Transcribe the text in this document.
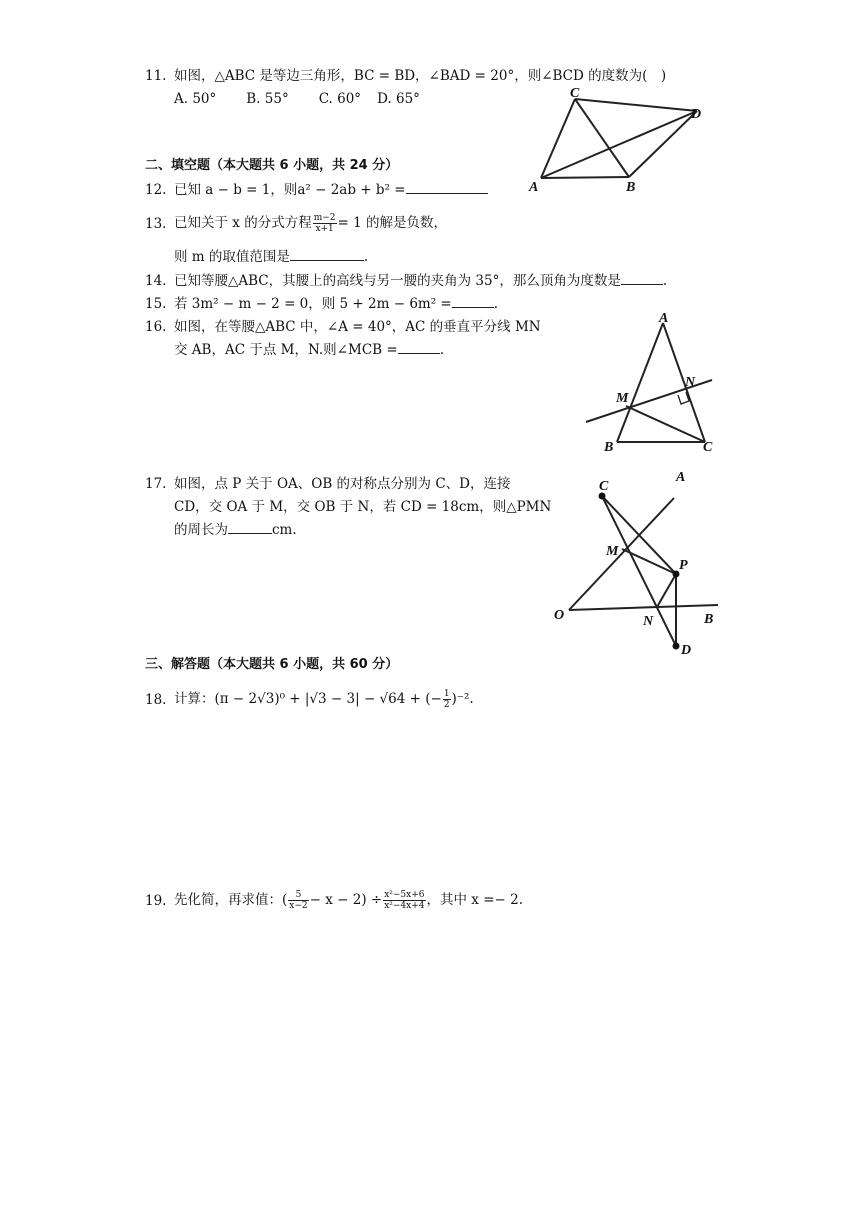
11. 如图，△ABC 是等边三角形，BC = BD，∠BAD = 20°，则∠BCD 的度数为(　)
A. 50° B. 55° C. 60° D. 65°	C
D
A	B
二、填空题（本大题共 6 小题，共 24 分）
12. 已知 a − b = 1，则a² − 2ab + b² =
13. 已知关于 x 的分式方程 $\frac{m-2}{x+1} = 1$ 的解是负数，
则 m 的取值范围是	.
14. 已知等腰△ABC，其腰上的高线与另一腰的夹角为 35°，那么顶角为度数是	.
15. 若 3m² − m − 2 = 0，则 5 + 2m − 6m² =	.
16. 如图，在等腰△ABC 中，∠A = 40°，AC 的垂直平分线 MN
交 AB，AC 于点 M，N.则∠MCB =	.
A
N
M
B	C
17. 如图，点 P 关于 OA、OB 的对称点分别为 C、D，连接
CD，交 OA 于 M，交 OB 于 N，若 CD = 18cm，则△PMN
的周长为	cm.
C
A
M
P
O	N	B
D
三、解答题（本大题共 6 小题，共 60 分）
18. 计算：(π − 2√3)⁰ + |√3 − 3| − √64 + (− $\frac{1}{2} )^{-2}$.
19. 先化简，再求值：( $\frac{5}{x-2} - x - 2) \div \frac{\text{x²−5x+6}}{\text{x²−4x+4}}$ ，其中 x =− 2.
